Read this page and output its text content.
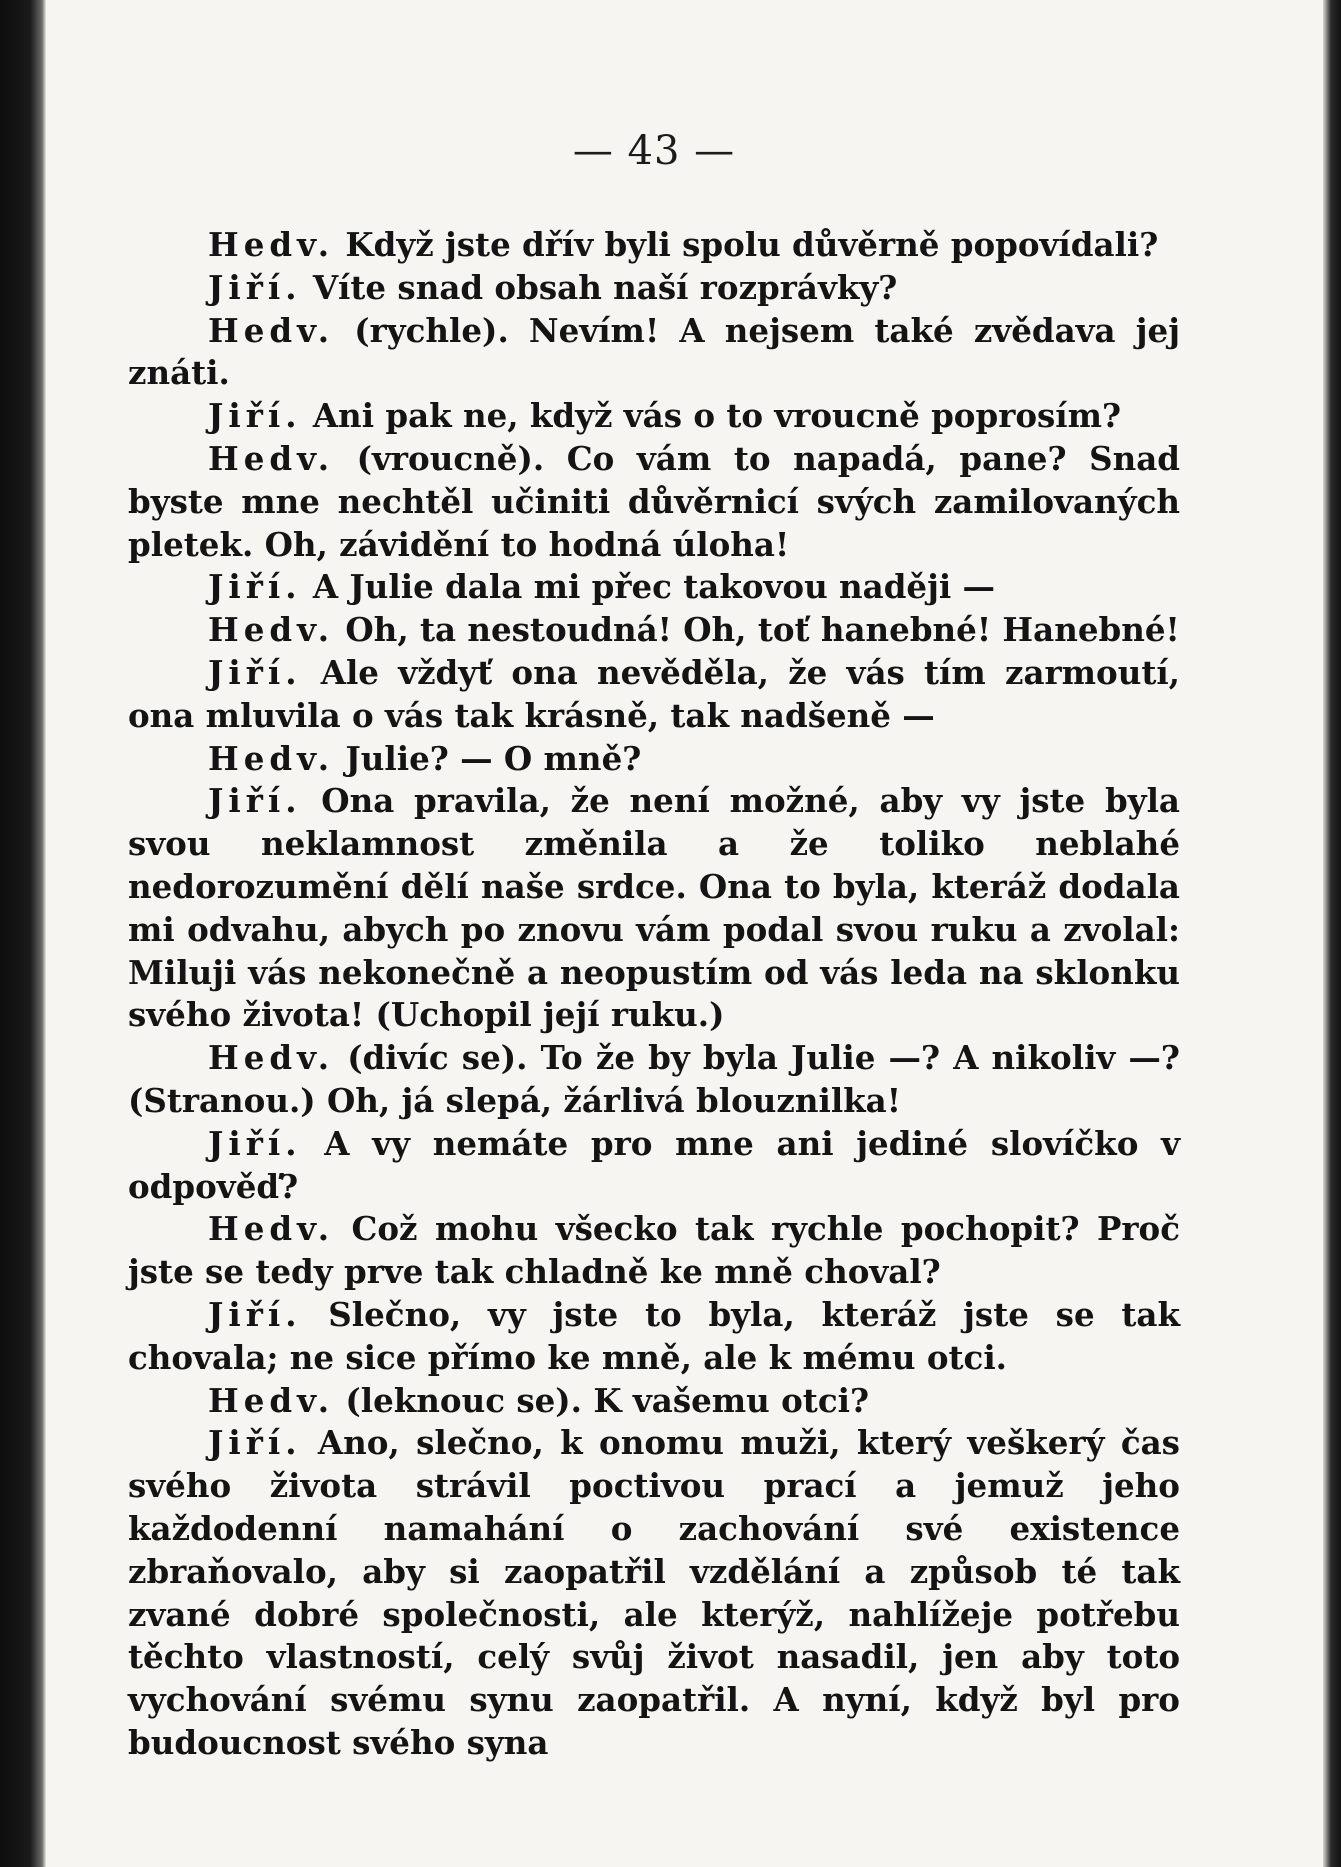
— 43 —

Hedv. Když jste dřív byli spolu důvěrně popovídali?

Jiří. Víte snad obsah naší rozprávky?

Hedv. (rychle). Nevím! A nejsem také zvědava jej znáti.

Jiří. Ani pak ne, když vás o to vroucně poprosím?

Hedv. (vroucně). Co vám to napadá, pane? Snad byste mne nechtěl učiniti důvěrnicí svých zamilovaných pletek. Oh, závidění to hodná úloha!

Jiří. A Julie dala mi přec takovou naději —

Hedv. Oh, ta nestoudná! Oh, toť hanebné! Hanebné!

Jiří. Ale vždyť ona nevěděla, že vás tím zarmoutí, ona mluvila o vás tak krásně, tak nadšeně —

Hedv. Julie? — O mně?

Jiří. Ona pravila, že není možné, aby vy jste byla svou neklamnost změnila a že toliko neblahé nedorozumění dělí naše srdce. Ona to byla, kteráž dodala mi odvahu, abych po znovu vám podal svou ruku a zvolal: Miluji vás nekonečně a neopustím od vás leda na sklonku svého života! (Uchopil její ruku.)

Hedv. (divíc se). To že by byla Julie —? A nikoliv —? (Stranou.) Oh, já slepá, žárlivá blouznilka!

Jiří. A vy nemáte pro mne ani jediné slovíčko v odpověď?

Hedv. Což mohu všecko tak rychle pochopit? Proč jste se tedy prve tak chladně ke mně choval?

Jiří. Slečno, vy jste to byla, kteráž jste se tak chovala; ne sice přímo ke mně, ale k mému otci.

Hedv. (leknouc se). K vašemu otci?

Jiří. Ano, slečno, k onomu muži, který veškerý čas svého života strávil poctivou prací a jemuž jeho každodenní namahání o zachování své existence zbraňovalo, aby si zaopatřil vzdělání a způsob té tak zvané dobré společnosti, ale kterýž, nahlížeje potřebu těchto vlastností, celý svůj život nasadil, jen aby toto vychování svému synu zaopatřil. A nyní, když byl pro budoucnost svého syna
